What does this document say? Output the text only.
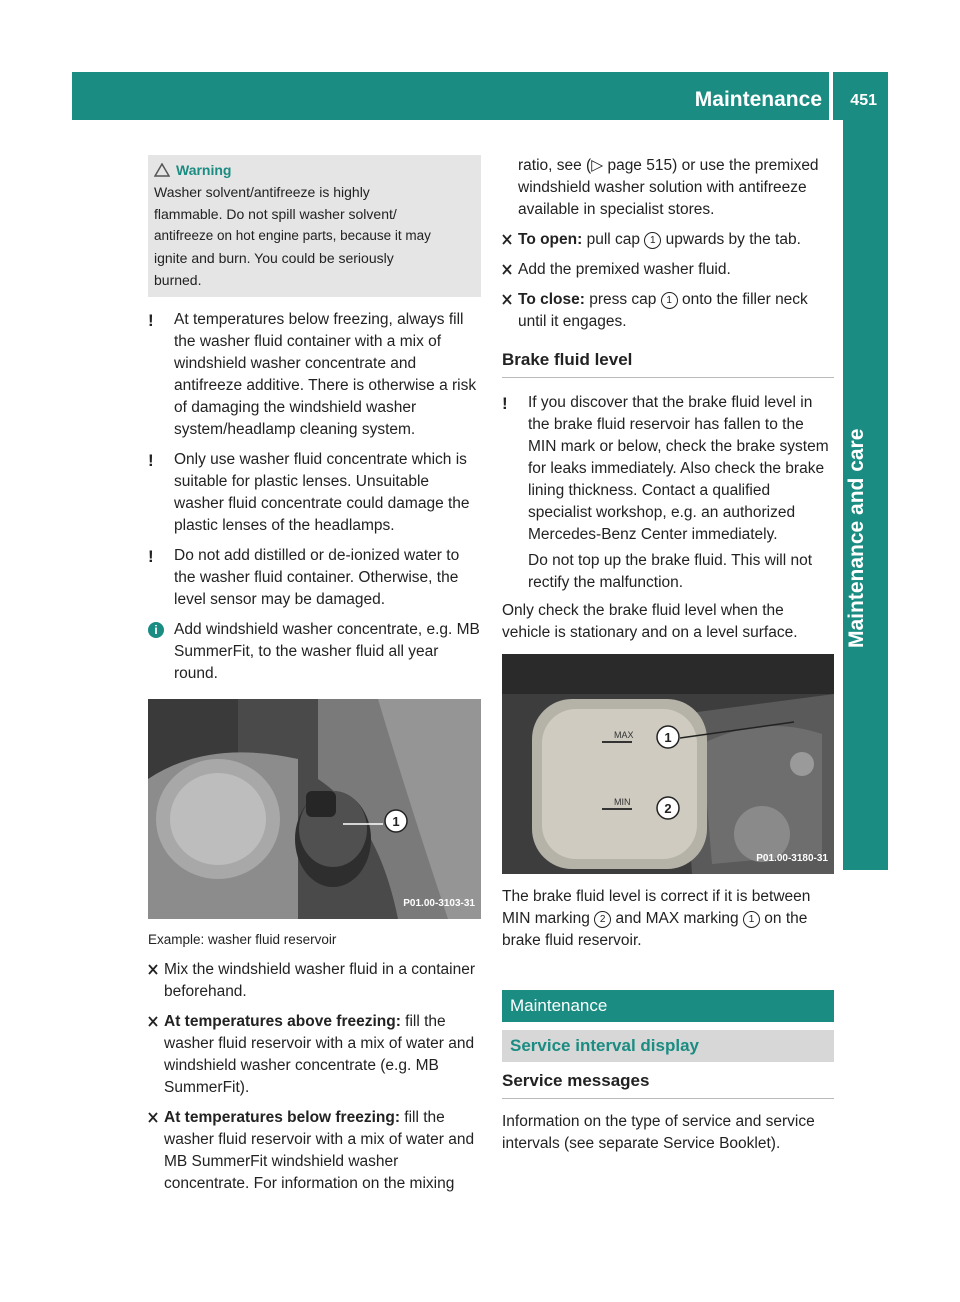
Maintenance 451
Maintenance and care
Warning
Washer solvent/antifreeze is highly
flammable. Do not spill washer solvent/
antifreeze on hot engine parts, because it may
ignite and burn. You could be seriously
burned.
!	At temperatures below freezing, always fill the washer fluid container with a mix of windshield washer concentrate and antifreeze additive. There is otherwise a risk of damaging the windshield washer system/headlamp cleaning system.
!	Only use washer fluid concentrate which is suitable for plastic lenses. Unsuitable washer fluid concentrate could damage the plastic lenses of the headlamps.
!	Do not add distilled or de-ionized water to the washer fluid container. Otherwise, the level sensor may be damaged.
i	Add windshield washer concentrate, e.g. MB SummerFit, to the washer fluid all year round.
1
P01.00-3103-31
Example: washer fluid reservoir
Mix the windshield washer fluid in a container beforehand.
At temperatures above freezing: fill the washer fluid reservoir with a mix of water and windshield washer concentrate (e.g. MB SummerFit).
At temperatures below freezing: fill the washer fluid reservoir with a mix of water and MB SummerFit windshield washer concentrate. For information on the mixing
ratio, see (▷ page 515) or use the premixed windshield washer solution with antifreeze available in specialist stores.
To open: pull cap 1 upwards by the tab.
Add the premixed washer fluid.
To close: press cap 1 onto the filler neck until it engages.
Brake fluid level
!	If you discover that the brake fluid level in the brake fluid reservoir has fallen to the MIN mark or below, check the brake system for leaks immediately. Also check the brake lining thickness. Contact a qualified specialist workshop, e.g. an authorized Mercedes-Benz Center immediately.
Do not top up the brake fluid. This will not rectify the malfunction.
Only check the brake fluid level when the vehicle is stationary and on a level surface.
MAX
MIN
1
2
P01.00-3180-31
The brake fluid level is correct if it is between MIN marking 2 and MAX marking 1 on the brake fluid reservoir.
Maintenance
Service interval display
Service messages
Information on the type of service and service intervals (see separate Service Booklet).
